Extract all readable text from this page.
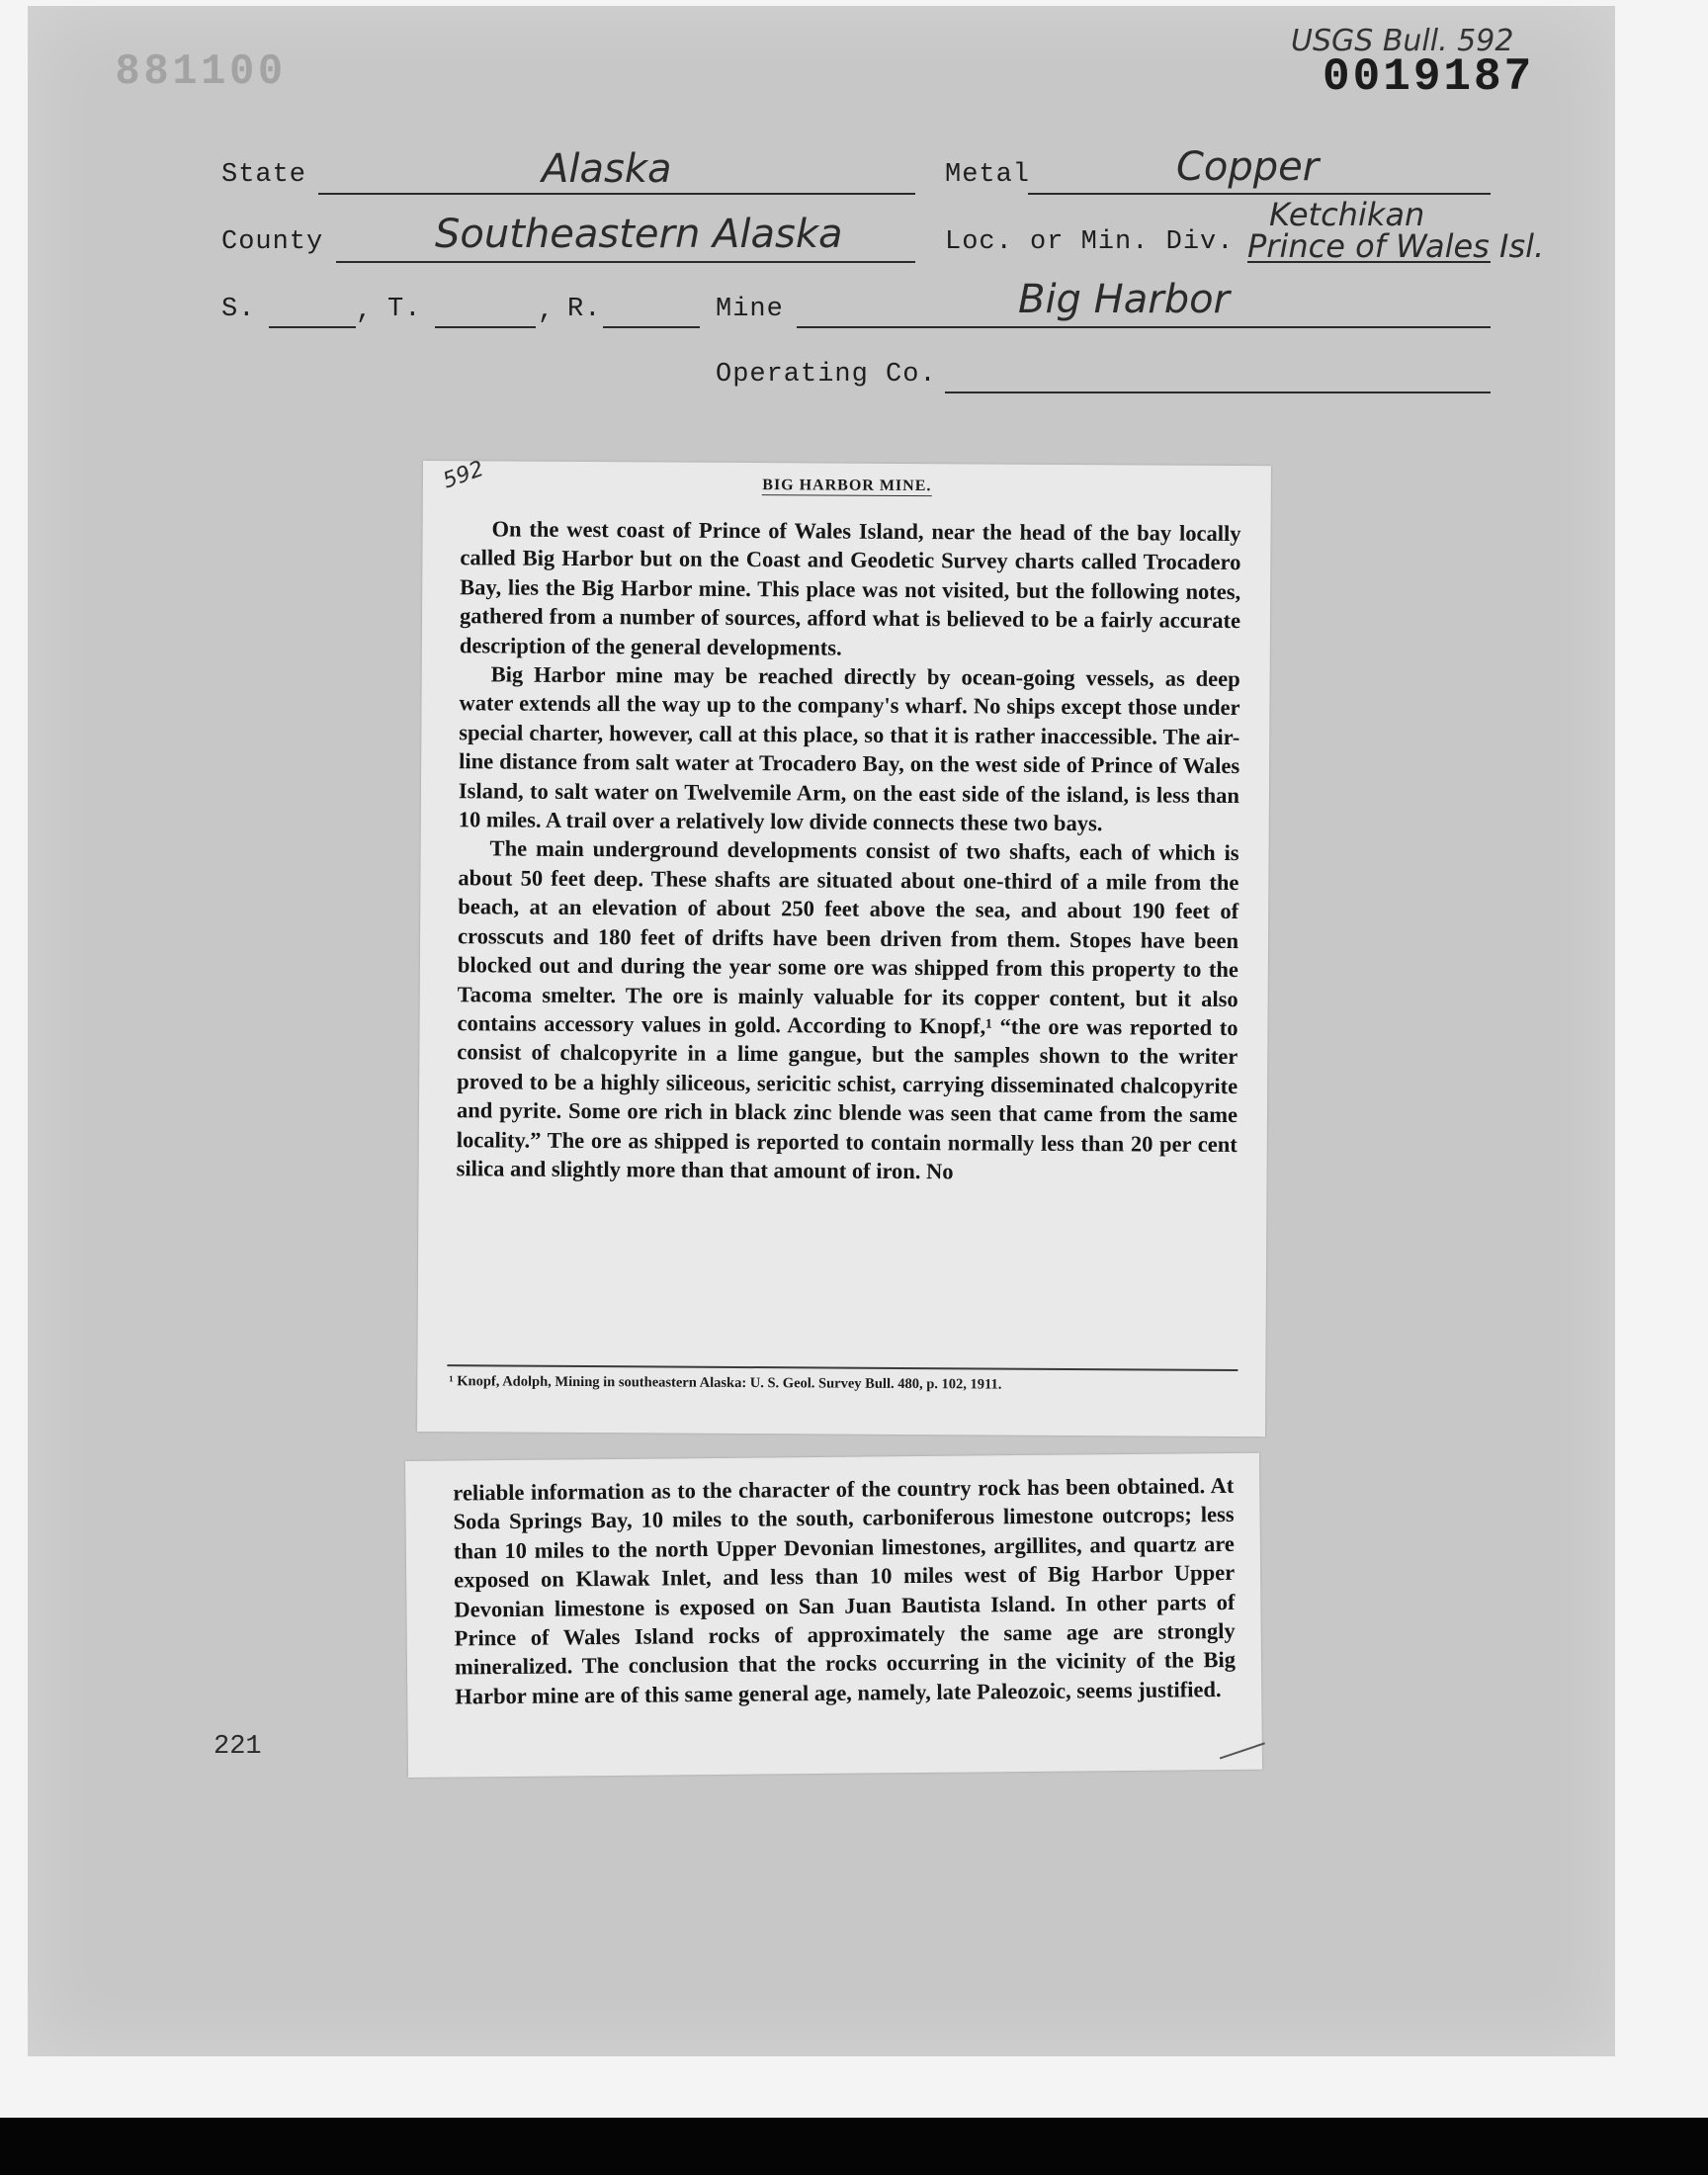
881100
USGS Bull. 592
0019187
State	Alaska	Metal	Copper
County	Southeastern Alaska	Loc. or Min. Div.
Ketchikan
Prince of Wales Isl.
S.	, T.	, R.	Mine	Big Harbor
Operating Co.
221
592	BIG HARBOR MINE.

On the west coast of Prince of Wales Island, near the head of the bay locally called Big Harbor but on the Coast and Geodetic Survey charts called Trocadero Bay, lies the Big Harbor mine. This place was not visited, but the following notes, gathered from a number of sources, afford what is believed to be a fairly accurate description of the general developments.

Big Harbor mine may be reached directly by ocean-going vessels, as deep water extends all the way up to the company's wharf. No ships except those under special charter, however, call at this place, so that it is rather inaccessible. The air-line distance from salt water at Trocadero Bay, on the west side of Prince of Wales Island, to salt water on Twelvemile Arm, on the east side of the island, is less than 10 miles. A trail over a relatively low divide connects these two bays.

The main underground developments consist of two shafts, each of which is about 50 feet deep. These shafts are situated about one-third of a mile from the beach, at an elevation of about 250 feet above the sea, and about 190 feet of crosscuts and 180 feet of drifts have been driven from them. Stopes have been blocked out and during the year some ore was shipped from this property to the Tacoma smelter. The ore is mainly valuable for its copper content, but it also contains accessory values in gold. According to Knopf,¹ “the ore was reported to consist of chalcopyrite in a lime gangue, but the samples shown to the writer proved to be a highly siliceous, sericitic schist, carrying disseminated chalcopyrite and pyrite. Some ore rich in black zinc blende was seen that came from the same locality.” The ore as shipped is reported to contain normally less than 20 per cent silica and slightly more than that amount of iron. No

¹ Knopf, Adolph, Mining in southeastern Alaska: U. S. Geol. Survey Bull. 480, p. 102, 1911.

reliable information as to the character of the country rock has been obtained. At Soda Springs Bay, 10 miles to the south, carboniferous limestone outcrops; less than 10 miles to the north Upper Devonian limestones, argillites, and quartz are exposed on Klawak Inlet, and less than 10 miles west of Big Harbor Upper Devonian limestone is exposed on San Juan Bautista Island. In other parts of Prince of Wales Island rocks of approximately the same age are strongly mineralized. The conclusion that the rocks occurring in the vicinity of the Big Harbor mine are of this same general age, namely, late Paleozoic, seems justified.
